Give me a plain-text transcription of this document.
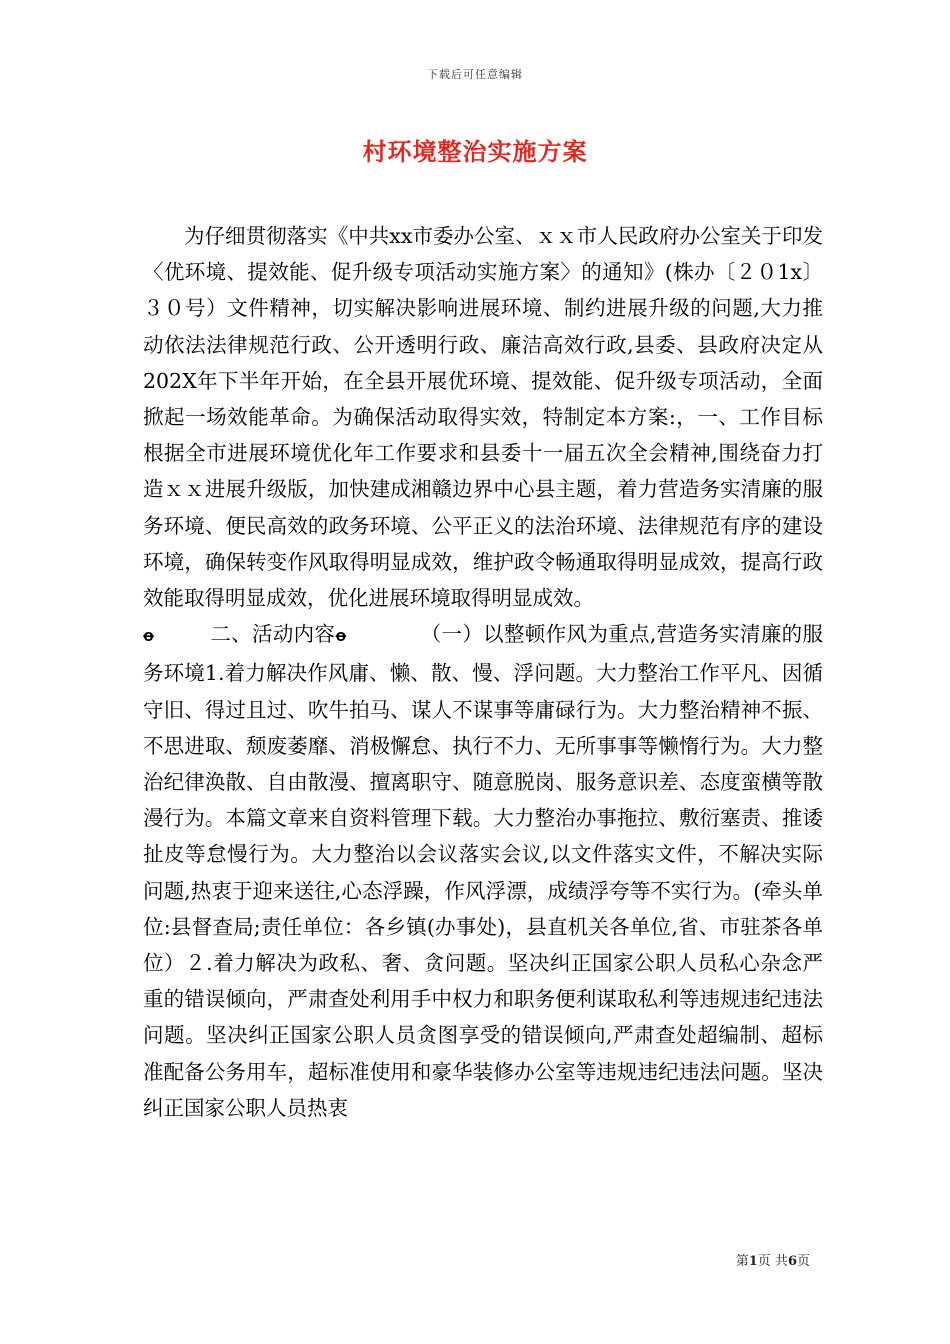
下载后可任意编辑
村环境整治实施方案

为仔细贯彻落实《中共xx市委办公室、ｘｘ市人民政府办公室关于印发〈优环境、提效能、促升级专项活动实施方案〉的通知》(株办〔２０1x〕３０号）文件精神，切实解决影响进展环境、制约进展升级的问题,大力推动依法法律规范行政、公开透明行政、廉洁高效行政,县委、县政府决定从202X年下半年开始，在全县开展优环境、提效能、促升级专项活动，全面掀起一场效能革命。为确保活动取得实效，特制定本方案:，一、工作目标根据全市进展环境优化年工作要求和县委十一届五次全会精神,围绕奋力打造ｘｘ进展升级版，加快建成湘赣边界中心县主题，着力营造务实清廉的服务环境、便民高效的政务环境、公平正义的法治环境、法律规范有序的建设环境，确保转变作风取得明显成效，维护政令畅通取得明显成效，提高行政效能取得明显成效，优化进展环境取得明显成效。

Ꝋ	二、活动内容Ꝋ	（一）以整顿作风为重点,营造务实清廉的服务环境1.着力解决作风庸、懒、散、慢、浮问题。大力整治工作平凡、因循守旧、得过且过、吹牛拍马、谋人不谋事等庸碌行为。大力整治精神不振、不思进取、颓废萎靡、消极懈怠、执行不力、无所事事等懒惰行为。大力整治纪律涣散、自由散漫、擅离职守、随意脱岗、服务意识差、态度蛮横等散漫行为。本篇文章来自资料管理下载。大力整治办事拖拉、敷衍塞责、推诿扯皮等怠慢行为。大力整治以会议落实会议,以文件落实文件，不解决实际问题,热衷于迎来送往,心态浮躁，作风浮漂，成绩浮夸等不实行为。(牵头单位:县督查局;责任单位：各乡镇(办事处)，县直机关各单位,省、市驻茶各单位）２.着力解决为政私、奢、贪问题。坚决纠正国家公职人员私心杂念严重的错误倾向，严肃查处利用手中权力和职务便利谋取私利等违规违纪违法问题。坚决纠正国家公职人员贪图享受的错误倾向,严肃查处超编制、超标准配备公务用车，超标准使用和豪华装修办公室等违规违纪违法问题。坚决纠正国家公职人员热衷

第1页 共6页
